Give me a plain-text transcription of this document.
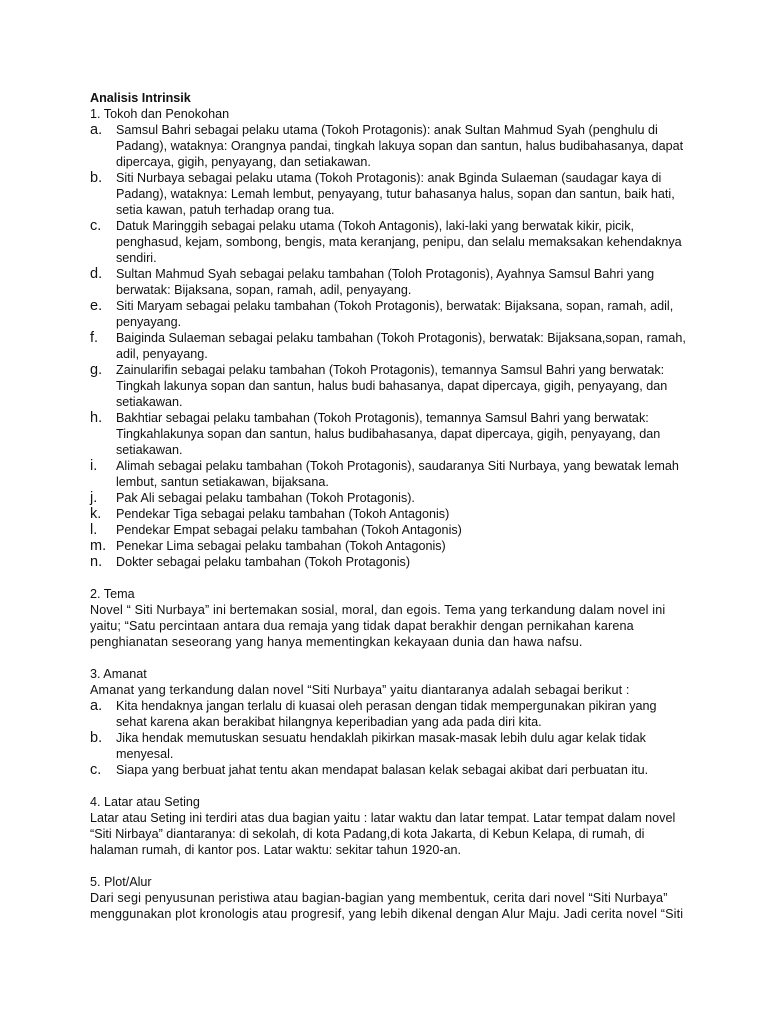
Analisis Intrinsik
1. Tokoh dan Penokohan
a.	Samsul Bahri sebagai pelaku utama (Tokoh Protagonis): anak Sultan Mahmud Syah (penghulu di Padang), wataknya: Orangnya pandai, tingkah lakuya sopan dan santun, halus budibahasanya, dapat dipercaya, gigih, penyayang, dan setiakawan.
b.	Siti Nurbaya sebagai pelaku utama (Tokoh Protagonis): anak Bginda Sulaeman (saudagar kaya di Padang), wataknya: Lemah lembut, penyayang, tutur bahasanya halus, sopan dan santun, baik hati, setia kawan, patuh terhadap orang tua.
c.	Datuk Maringgih sebagai pelaku utama (Tokoh Antagonis), laki-laki yang berwatak kikir, picik, penghasud, kejam, sombong, bengis, mata keranjang, penipu, dan selalu memaksakan kehendaknya sendiri.
d.	Sultan Mahmud Syah sebagai pelaku tambahan (Toloh Protagonis), Ayahnya Samsul Bahri yang berwatak: Bijaksana, sopan, ramah, adil, penyayang.
e.	Siti Maryam sebagai pelaku tambahan (Tokoh Protagonis), berwatak: Bijaksana, sopan, ramah, adil, penyayang.
f.	Baiginda Sulaeman sebagai pelaku tambahan (Tokoh Protagonis), berwatak: Bijaksana,sopan, ramah, adil, penyayang.
g.	Zainularifin sebagai pelaku tambahan (Tokoh Protagonis), temannya Samsul Bahri yang berwatak: Tingkah lakunya sopan dan santun, halus budi bahasanya, dapat dipercaya, gigih, penyayang, dan setiakawan.
h.	Bakhtiar sebagai pelaku tambahan (Tokoh Protagonis), temannya Samsul Bahri yang berwatak: Tingkahlakunya sopan dan santun, halus budibahasanya, dapat dipercaya, gigih, penyayang, dan setiakawan.
i.	Alimah sebagai pelaku tambahan (Tokoh Protagonis), saudaranya Siti Nurbaya, yang bewatak lemah lembut, santun setiakawan, bijaksana.
j.	Pak Ali sebagai pelaku tambahan (Tokoh Protagonis).
k.	Pendekar Tiga sebagai pelaku tambahan (Tokoh Antagonis)
l.	Pendekar Empat sebagai pelaku tambahan (Tokoh Antagonis)
m. Penekar Lima sebagai pelaku tambahan (Tokoh Antagonis)
n.	Dokter sebagai pelaku tambahan (Tokoh Protagonis)
2. Tema

Novel “ Siti Nurbaya” ini bertemakan sosial, moral, dan egois. Tema yang terkandung dalam novel ini yaitu; “Satu percintaan antara dua remaja yang tidak dapat berakhir dengan pernikahan karena penghianatan seseorang yang hanya mementingkan kekayaan dunia dan hawa nafsu.

3. Amanat

Amanat yang terkandung dalan novel “Siti Nurbaya” yaitu diantaranya adalah sebagai berikut :

a.	Kita hendaknya jangan terlalu di kuasai oleh perasan dengan tidak mempergunakan pikiran yang sehat karena akan berakibat hilangnya keperibadian yang ada pada diri kita.
b.	Jika hendak memutuskan sesuatu hendaklah pikirkan masak-masak lebih dulu agar kelak tidak menyesal.
c.	Siapa yang berbuat jahat tentu akan mendapat balasan kelak sebagai akibat dari perbuatan itu.
4. Latar atau Seting

Latar atau Seting ini terdiri atas dua bagian yaitu : latar waktu dan latar tempat. Latar tempat dalam novel “Siti Nirbaya” diantaranya: di sekolah, di kota Padang,di kota Jakarta, di Kebun Kelapa, di rumah, di halaman rumah, di kantor pos. Latar waktu: sekitar tahun 1920-an.

5. Plot/Alur

Dari segi penyusunan peristiwa atau bagian-bagian yang membentuk, cerita dari novel “Siti Nurbaya” menggunakan plot kronologis atau progresif, yang lebih dikenal dengan Alur Maju. Jadi cerita novel “Siti
